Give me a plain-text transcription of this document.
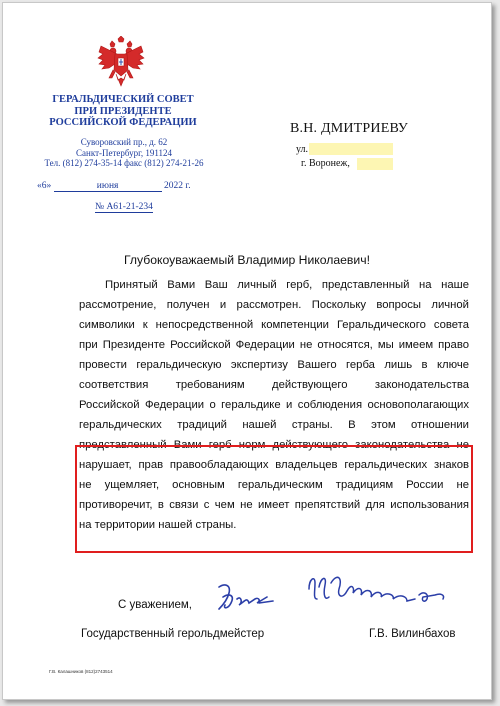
ГЕРАЛЬДИЧЕСКИЙ СОВЕТ
ПРИ ПРЕЗИДЕНТЕ
РОССИЙСКОЙ ФЕДЕРАЦИИ
Суворовский пр., д. 62
Санкт-Петербург, 191124
Тел. (812) 274-35-14 факс (812) 274-21-26
«6»	июня	2022 г.
№ А61-21-234
В.Н. ДМИТРИЕВУ
ул.
г. Воронеж,
Глубокоуважаемый Владимир Николаевич!
Принятый Вами Ваш личный герб, представленный на наше
рассмотрение, получен и рассмотрен. Поскольку вопросы личной
символики к непосредственной компетенции Геральдического совета
при Президенте Российской Федерации не относятся, мы имеем право
провести геральдическую экспертизу Вашего герба лишь в ключе
соответствия требованиям действующего законодательства
Российской Федерации о геральдике и соблюдения основополагающих
геральдических традиций нашей страны. В этом отношении
представленный Вами герб норм действующего законодательства не
нарушает, прав правообладающих владельцев геральдических знаков
не ущемляет, основным геральдическим традициям России не
противоречит, в связи с чем не имеет препятствий для использования
на территории нашей страны.
С уважением,
Государственный герольдмейстер	Г.В. Вилинбахов
Г.В. Калашников (812)2743514
